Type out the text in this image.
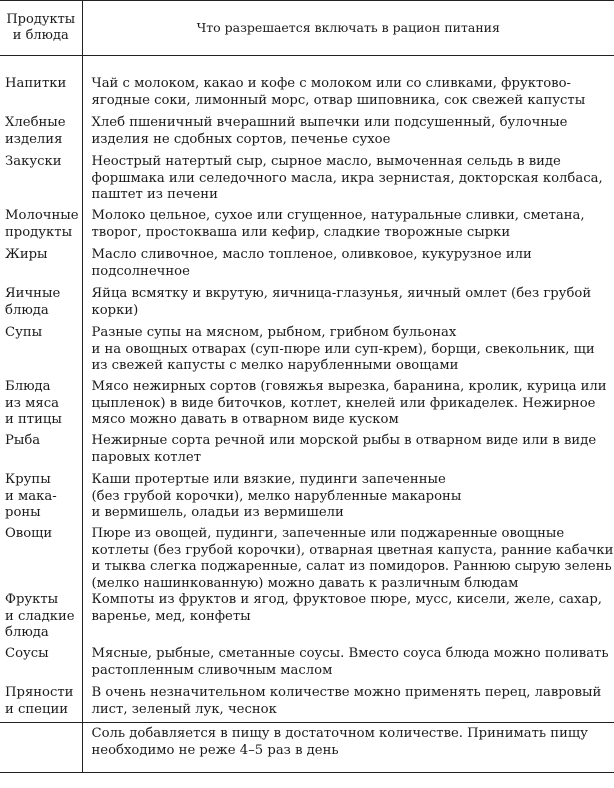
Продукты и блюда	Что разрешается включать в рацион питания

Напитки	Чай с молоком, какао и кофе с молоком или со сливками, фруктово-
ягодные соки, лимонный морс, отвар шиповника, сок свежей капусты

Хлебные
изделия	Хлеб пшеничный вчерашний выпечки или подсушенный, булочные
изделия не сдобных сортов, печенье сухое

Закуски	Неострый натертый сыр, сырное масло, вымоченная сельдь в виде
форшмака или селедочного масла, икра зернистая, докторская колбаса,
паштет из печени

Молочные
продукты	Молоко цельное, сухое или сгущенное, натуральные сливки, сметана,
творог, простокваша или кефир, сладкие творожные сырки

Жиры	Масло сливочное, масло топленое, оливковое, кукурузное или
подсолнечное

Яичные
блюда	Яйца всмятку и вкрутую, яичница-глазунья, яичный омлет (без грубой
корки)

Супы	Разные супы на мясном, рыбном, грибном бульонах
и на овощных отварах (суп-пюре или суп-крем), борщи, свекольник, щи
из свежей капусты с мелко нарубленными овощами

Блюда
из мяса
и птицы	Мясо нежирных сортов (говяжья вырезка, баранина, кролик, курица или
цыпленок) в виде биточков, котлет, кнелей или фрикаделек. Нежирное
мясо можно давать в отварном виде куском

Рыба	Нежирные сорта речной или морской рыбы в отварном виде или в виде
паровых котлет

Крупы
и мака-
роны	Каши протертые или вязкие, пудинги запеченные
(без грубой корочки), мелко нарубленные макароны
и вермишель, оладьи из вермишели

Овощи	Пюре из овощей, пудинги, запеченные или поджаренные овощные
котлеты (без грубой корочки), отварная цветная капуста, ранние кабачки
и тыква слегка поджаренные, салат из помидоров. Раннюю сырую зелень
(мелко нашинкованную) можно давать к различным блюдам

Фрукты
и сладкие
блюда	Компоты из фруктов и ягод, фруктовое пюре, мусс, кисели, желе, сахар,
варенье, мед, конфеты

Соусы	Мясные, рыбные, сметанные соусы. Вместо соуса блюда можно поливать
растопленным сливочным маслом

Пряности
и специи	В очень незначительном количестве можно применять перец, лавровый
лист, зеленый лук, чеснок

	Соль добавляется в пищу в достаточном количестве. Принимать пищу
необходимо не реже 4–5 раз в день
